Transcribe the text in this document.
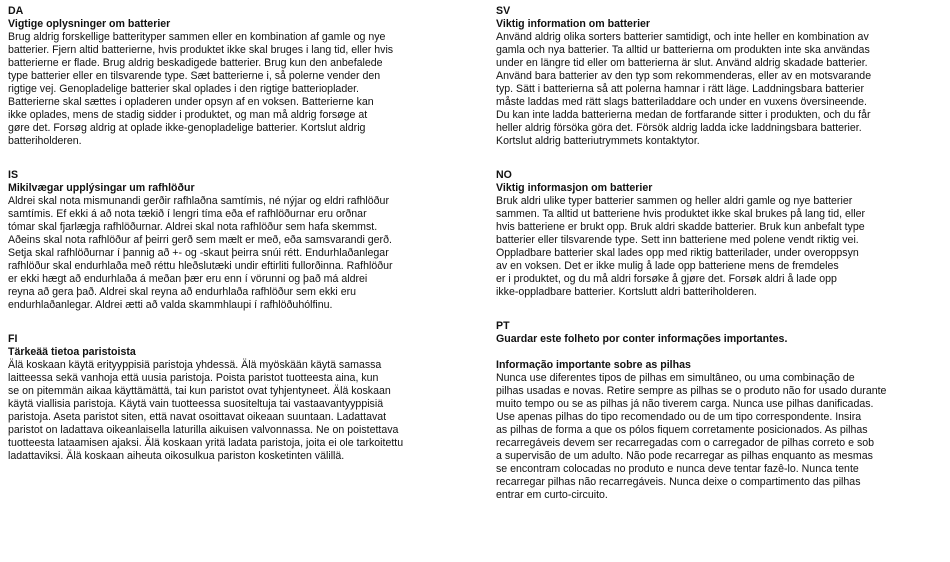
DA
Vigtige oplysninger om batterier
Brug aldrig forskellige batterityper sammen eller en kombination af gamle og nye
batterier. Fjern altid batterierne, hvis produktet ikke skal bruges i lang tid, eller hvis
batterierne er flade. Brug aldrig beskadigede batterier. Brug kun den anbefalede
type batterier eller en tilsvarende type. Sæt batterierne i, så polerne vender den
rigtige vej. Genopladelige batterier skal oplades i den rigtige batterioplader.
Batterierne skal sættes i opladeren under opsyn af en voksen. Batterierne kan
ikke oplades, mens de stadig sidder i produktet, og man må aldrig forsøge at
gøre det. Forsøg aldrig at oplade ikke-genopladelige batterier. Kortslut aldrig
batteriholderen.
IS
Mikilvægar upplýsingar um rafhlöður
Aldrei skal nota mismunandi gerðir rafhlaðna samtímis, né nýjar og eldri rafhlöður
samtímis. Ef ekki á að nota tækið í lengri tíma eða ef rafhlöðurnar eru orðnar
tómar skal fjarlægja rafhlöðurnar. Aldrei skal nota rafhlöður sem hafa skemmst.
Aðeins skal nota rafhlöður af þeirri gerð sem mælt er með, eða samsvarandi gerð.
Setja skal rafhlöðurnar í þannig að +- og -skaut þeirra snúi rétt. Endurhlaðanlegar
rafhlöður skal endurhlaða með réttu hleðslutæki undir eftirliti fullorðinna. Rafhlöður
er ekki hægt að endurhlaða á meðan þær eru enn í vörunni og það má aldrei
reyna að gera það. Aldrei skal reyna að endurhlaða rafhlöður sem ekki eru
endurhlaðanlegar. Aldrei ætti að valda skammhlaupi í rafhlöðuhólfinu.
FI
Tärkeää tietoa paristoista
Älä koskaan käytä erityyppisiä paristoja yhdessä. Älä myöskään käytä samassa
laitteessa sekä vanhoja että uusia paristoja. Poista paristot tuotteesta aina, kun
se on pitemmän aikaa käyttämättä, tai kun paristot ovat tyhjentyneet. Älä koskaan
käytä viallisia paristoja. Käytä vain tuotteessa suositeltuja tai vastaavantyyppisiä
paristoja. Aseta paristot siten, että navat osoittavat oikeaan suuntaan. Ladattavat
paristot on ladattava oikeanlaisella laturilla aikuisen valvonnassa. Ne on poistettava
tuotteesta lataamisen ajaksi. Älä koskaan yritä ladata paristoja, joita ei ole tarkoitettu
ladattaviksi. Älä koskaan aiheuta oikosulkua pariston kosketinten välillä.
SV
Viktig information om batterier
Använd aldrig olika sorters batterier samtidigt, och inte heller en kombination av
gamla och nya batterier. Ta alltid ur batterierna om produkten inte ska användas
under en längre tid eller om batterierna är slut. Använd aldrig skadade batterier.
Använd bara batterier av den typ som rekommenderas, eller av en motsvarande
typ. Sätt i batterierna så att polerna hamnar i rätt läge. Laddningsbara batterier
måste laddas med rätt slags batteriladdare och under en vuxens översineende.
Du kan inte ladda batterierna medan de fortfarande sitter i produkten, och du får
heller aldrig försöka göra det. Försök aldrig ladda icke laddningsbara batterier.
Kortslut aldrig batteriutrymmets kontaktytor.
NO
Viktig informasjon om batterier
Bruk aldri ulike typer batterier sammen og heller aldri gamle og nye batterier
sammen. Ta alltid ut batteriene hvis produktet ikke skal brukes på lang tid, eller
hvis batteriene er brukt opp. Bruk aldri skadde batterier. Bruk kun anbefalt type
batterier eller tilsvarende type. Sett inn batteriene med polene vendt riktig vei.
Oppladbare batterier skal lades opp med riktig batterilader, under overoppsyn
av en voksen. Det er ikke mulig å lade opp batteriene mens de fremdeles
er i produktet, og du må aldri forsøke å gjøre det. Forsøk aldri å lade opp
ikke-oppladbare batterier. Kortslutt aldri batteriholderen.
PT
Guardar este folheto por conter informações importantes.
Informação importante sobre as pilhas
Nunca use diferentes tipos de pilhas em simultâneo, ou uma combinação de
pilhas usadas e novas. Retire sempre as pilhas se o produto não for usado durante
muito tempo ou se as pilhas já não tiverem carga. Nunca use pilhas danificadas.
Use apenas pilhas do tipo recomendado ou de um tipo correspondente. Insira
as pilhas de forma a que os pólos fiquem corretamente posicionados. As pilhas
recarregáveis devem ser recarregadas com o carregador de pilhas correto e sob
a supervisão de um adulto. Não pode recarregar as pilhas enquanto as mesmas
se encontram colocadas no produto e nunca deve tentar fazê-lo. Nunca tente
recarregar pilhas não recarregáveis. Nunca deixe o compartimento das pilhas
entrar em curto-circuito.
